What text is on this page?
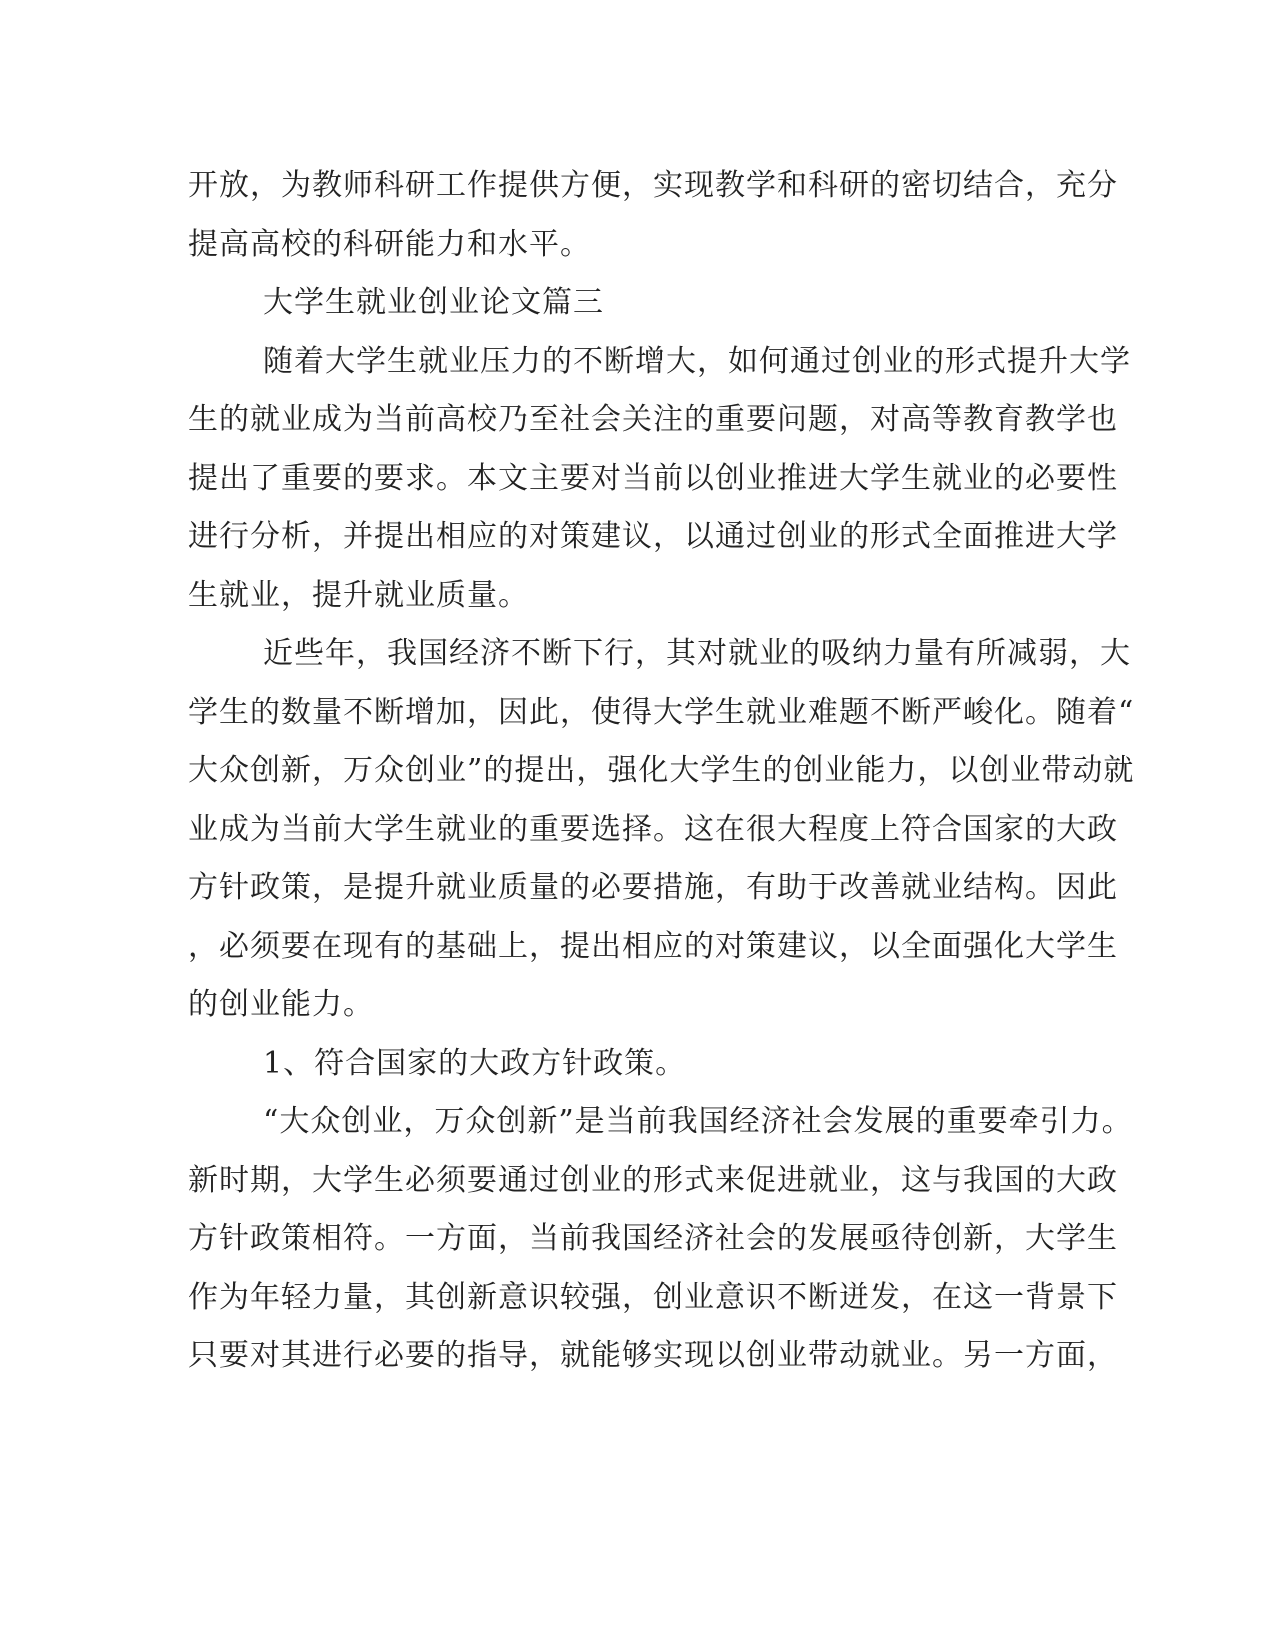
开放，为教师科研工作提供方便，实现教学和科研的密切结合，充分
提高高校的科研能力和水平。
大学生就业创业论文篇三
随着大学生就业压力的不断增大，如何通过创业的形式提升大学
生的就业成为当前高校乃至社会关注的重要问题，对高等教育教学也
提出了重要的要求。本文主要对当前以创业推进大学生就业的必要性
进行分析，并提出相应的对策建议，以通过创业的形式全面推进大学
生就业，提升就业质量。
近些年，我国经济不断下行，其对就业的吸纳力量有所减弱，大
学生的数量不断增加，因此，使得大学生就业难题不断严峻化。随着“
大众创新，万众创业”的提出，强化大学生的创业能力，以创业带动就
业成为当前大学生就业的重要选择。这在很大程度上符合国家的大政
方针政策，是提升就业质量的必要措施，有助于改善就业结构。因此
，必须要在现有的基础上，提出相应的对策建议，以全面强化大学生
的创业能力。
1、符合国家的大政方针政策。
“大众创业，万众创新”是当前我国经济社会发展的重要牵引力。
新时期，大学生必须要通过创业的形式来促进就业，这与我国的大政
方针政策相符。一方面，当前我国经济社会的发展亟待创新，大学生
作为年轻力量，其创新意识较强，创业意识不断迸发，在这一背景下
只要对其进行必要的指导，就能够实现以创业带动就业。另一方面，
